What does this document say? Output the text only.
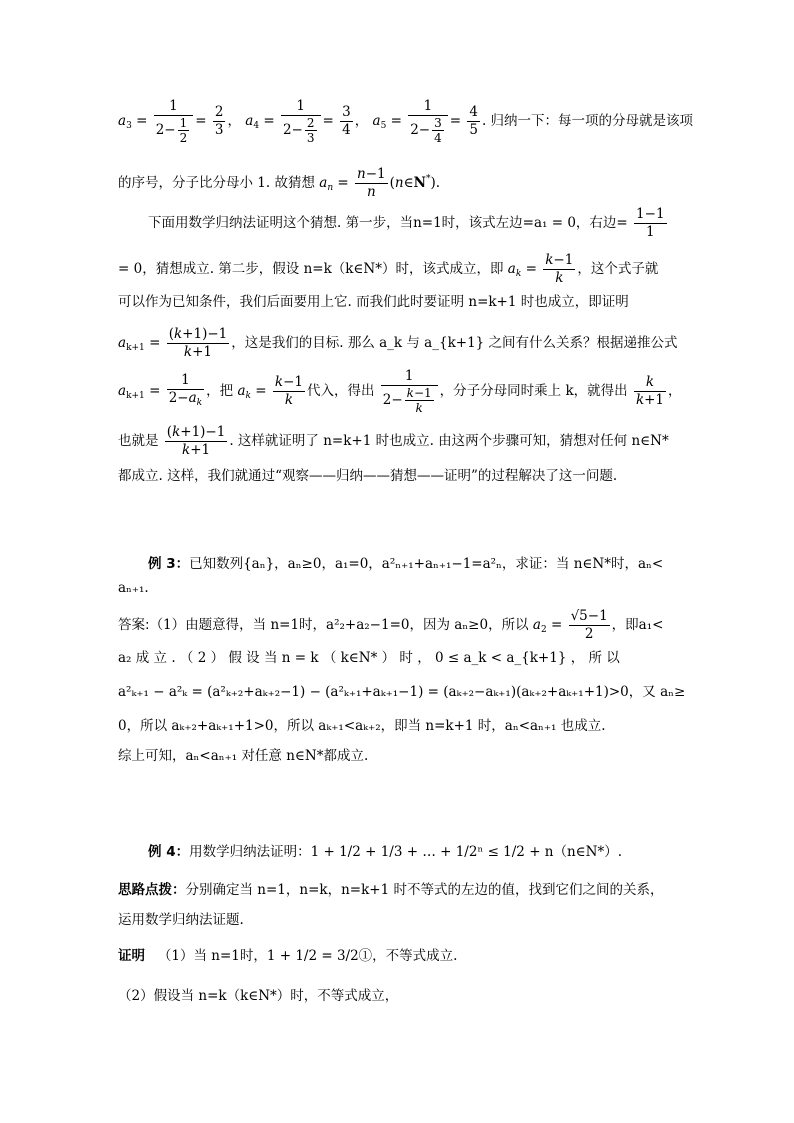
$a_3 = \frac{1}{2- \frac{1}{2}} = \frac{2}{3}$ ， $a_4 = \frac{1}{2- \frac{2}{3}} = \frac{3}{4}$ ， $a_5 = \frac{1}{2- \frac{3}{4}} = \frac{4}{5}$ . 归纳一下：每一项的分母就是该项
的序号，分子比分母小 1. 故猜想 $a_n = \frac{n-1}{n}$ (n∈N*).
下面用数学归纳法证明这个猜想. 第一步，当n=1时，该式左边=a₁ = 0，右边= $\frac{1-1}{1}$
= 0，猜想成立. 第二步，假设 n=k（k∈N*）时，该式成立，即 $a_k = \frac{k-1}{k}$ ，这个式子就
可以作为已知条件，我们后面要用上它. 而我们此时要证明 n=k+1 时也成立，即证明
$a_{k+1} = \frac{(k+1)-1}{k+1}$ ，这是我们的目标. 那么 a_k 与 a_{k+1} 之间有什么关系？根据递推公式
$a_{k+1} = \frac{1}{2-a_k}$ ，把 $a_k = \frac{k-1}{k}$ 代入，得出 $\frac{1}{2- \frac{k-1}{k}}$ ，分子分母同时乘上 k，就得出 $\frac{k}{k+1}$ ，
也就是 $\frac{(k+1)-1}{k+1}$ . 这样就证明了 n=k+1 时也成立. 由这两个步骤可知，猜想对任何 n∈N*
都成立. 这样，我们就通过“观察——归纳——猜想——证明”的过程解决了这一问题.
例 3：已知数列{aₙ}，aₙ≥0，a₁=0，a²ₙ₊₁+aₙ₊₁−1=a²ₙ，求证：当 n∈N*时，aₙ<
aₙ₊₁.
答案:（1）由题意得，当 n=1时，a²₂+a₂−1=0，因为 aₙ≥0，所以 $a_2 = \frac{√5-1}{2}$ ，即a₁<
a₂ 成 立 . （ 2 ） 假 设 当 n = k （ k∈N* ） 时 ， 0 ≤ a_k < a_{k+1} ， 所 以
a²ₖ₊₁ − a²ₖ = (a²ₖ₊₂+aₖ₊₂−1) − (a²ₖ₊₁+aₖ₊₁−1) = (aₖ₊₂−aₖ₊₁)(aₖ₊₂+aₖ₊₁+1)>0，又 aₙ≥
0，所以 aₖ₊₂+aₖ₊₁+1>0，所以 aₖ₊₁<aₖ₊₂，即当 n=k+1 时，aₙ<aₙ₊₁ 也成立.
综上可知，aₙ<aₙ₊₁ 对任意 n∈N*都成立.
例 4：用数学归纳法证明：1 + 1/2 + 1/3 + … + 1/2ⁿ ≤ 1/2 + n（n∈N*）.
思路点拨：分别确定当 n=1，n=k，n=k+1 时不等式的左边的值，找到它们之间的关系，
运用数学归纳法证题.
证明 （1）当 n=1时，1 + 1/2 = 3/2①，不等式成立.
（2）假设当 n=k（k∈N*）时，不等式成立，
